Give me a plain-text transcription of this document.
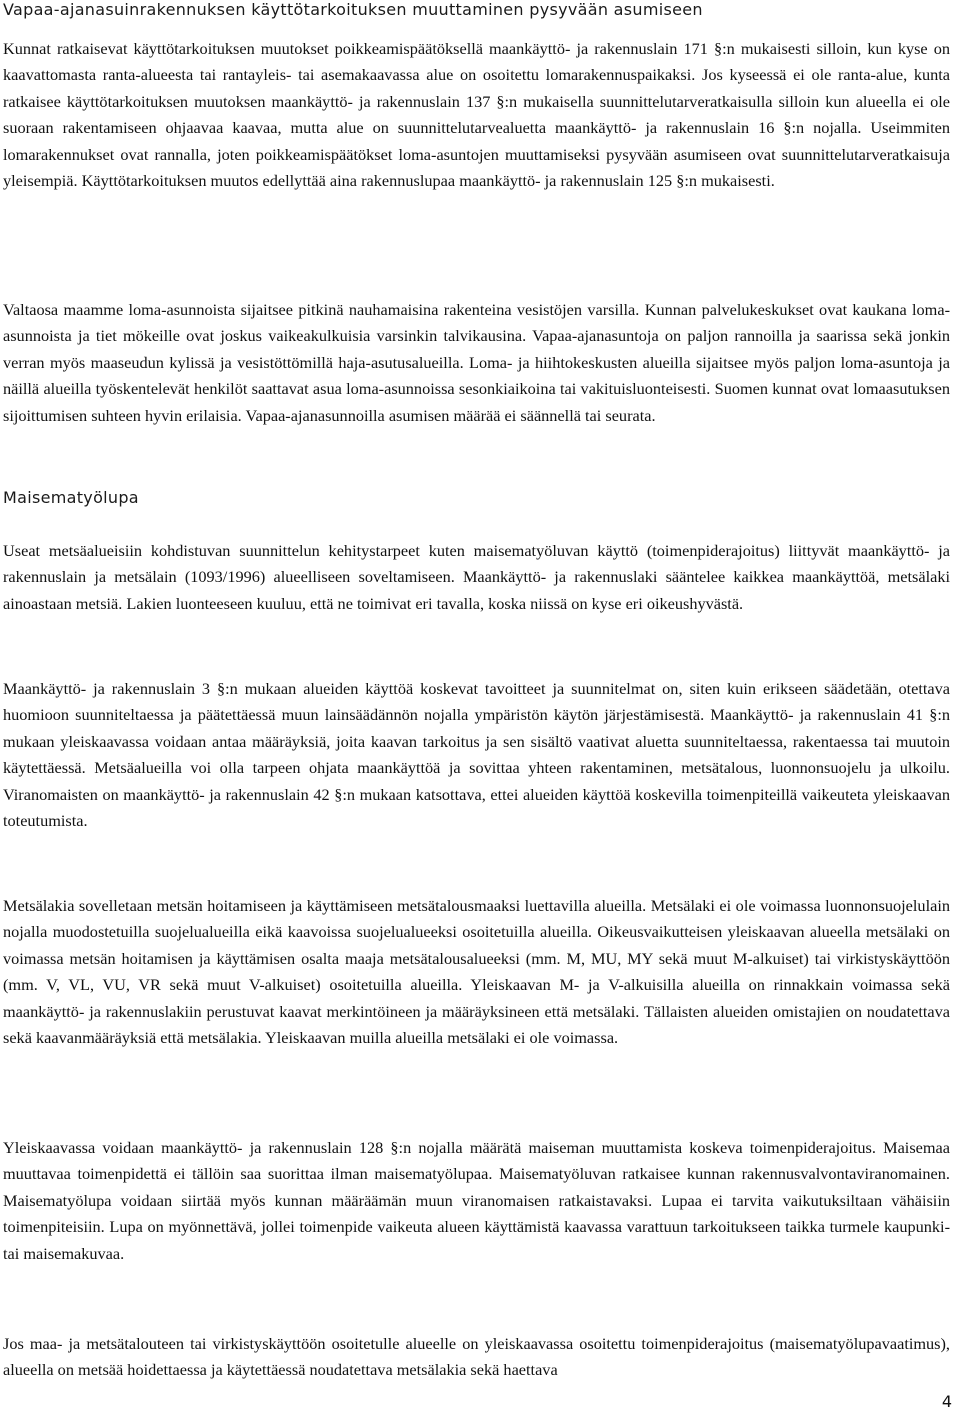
Vapaa-ajanasuinrakennuksen käyttötarkoituksen muuttaminen pysyvään asumiseen

Kunnat ratkaisevat käyttötarkoituksen muutokset poikkeamispäätöksellä maankäyttö- ja rakennuslain 171 §:n mukaisesti silloin, kun kyse on kaavattomasta ranta-alueesta tai rantayleis- tai asemakaavassa alue on osoitettu lomarakennuspaikaksi. Jos kyseessä ei ole ranta-alue, kunta ratkaisee käyttötarkoituksen muutoksen maankäyttö- ja rakennuslain 137 §:n mukaisella suunnittelutarveratkaisulla silloin kun alueella ei ole suoraan rakentamiseen ohjaavaa kaavaa, mutta alue on suunnittelutarvealuetta maankäyttö- ja rakennuslain 16 §:n nojalla. Useimmiten lomarakennukset ovat rannalla, joten poikkeamispäätökset loma-asuntojen muuttamiseksi pysyvään asumiseen ovat suunnittelutarveratkaisuja yleisempiä. Käyttötarkoituksen muutos edellyttää aina rakennuslupaa maankäyttö- ja rakennuslain 125 §:n mukaisesti.

Valtaosa maamme loma-asunnoista sijaitsee pitkinä nauhamaisina rakenteina vesistöjen varsilla. Kunnan palvelukeskukset ovat kaukana loma-asunnoista ja tiet mökeille ovat joskus vaikeakulkuisia varsinkin talvikausina. Vapaa-ajanasuntoja on paljon rannoilla ja saarissa sekä jonkin verran myös maaseudun kylissä ja vesistöttömillä haja-asutusalueilla. Loma- ja hiihtokeskusten alueilla sijaitsee myös paljon loma-asuntoja ja näillä alueilla työskentelevät henkilöt saattavat asua loma-asunnoissa sesonkiaikoina tai vakituisluonteisesti. Suomen kunnat ovat lomaasutuksen sijoittumisen suhteen hyvin erilaisia. Vapaa-ajanasunnoilla asumisen määrää ei säännellä tai seurata.

Maisematyölupa

Useat metsäalueisiin kohdistuvan suunnittelun kehitystarpeet kuten maisematyöluvan käyttö (toimenpiderajoitus) liittyvät maankäyttö- ja rakennuslain ja metsälain (1093/1996) alueelliseen soveltamiseen. Maankäyttö- ja rakennuslaki sääntelee kaikkea maankäyttöä, metsälaki ainoastaan metsiä. Lakien luonteeseen kuuluu, että ne toimivat eri tavalla, koska niissä on kyse eri oikeushyvästä.

Maankäyttö- ja rakennuslain 3 §:n mukaan alueiden käyttöä koskevat tavoitteet ja suunnitelmat on, siten kuin erikseen säädetään, otettava huomioon suunniteltaessa ja päätettäessä muun lainsäädännön nojalla ympäristön käytön järjestämisestä. Maankäyttö- ja rakennuslain 41 §:n mukaan yleiskaavassa voidaan antaa määräyksiä, joita kaavan tarkoitus ja sen sisältö vaativat aluetta suunniteltaessa, rakentaessa tai muutoin käytettäessä. Metsäalueilla voi olla tarpeen ohjata maankäyttöä ja sovittaa yhteen rakentaminen, metsätalous, luonnonsuojelu ja ulkoilu. Viranomaisten on maankäyttö- ja rakennuslain 42 §:n mukaan katsottava, ettei alueiden käyttöä koskevilla toimenpiteillä vaikeuteta yleiskaavan toteutumista.

Metsälakia sovelletaan metsän hoitamiseen ja käyttämiseen metsätalousmaaksi luettavilla alueilla. Metsälaki ei ole voimassa luonnonsuojelulain nojalla muodostetuilla suojelualueilla eikä kaavoissa suojelualueeksi osoitetuilla alueilla. Oikeusvaikutteisen yleiskaavan alueella metsälaki on voimassa metsän hoitamisen ja käyttämisen osalta maaja metsätalousalueeksi (mm. M, MU, MY sekä muut M-alkuiset) tai virkistyskäyttöön (mm. V, VL, VU, VR sekä muut V-alkuiset) osoitetuilla alueilla. Yleiskaavan M- ja V-alkuisilla alueilla on rinnakkain voimassa sekä maankäyttö- ja rakennuslakiin perustuvat kaavat merkintöineen ja määräyksineen että metsälaki. Tällaisten alueiden omistajien on noudatettava sekä kaavanmääräyksiä että metsälakia. Yleiskaavan muilla alueilla metsälaki ei ole voimassa.

Yleiskaavassa voidaan maankäyttö- ja rakennuslain 128 §:n nojalla määrätä maiseman muuttamista koskeva toimenpiderajoitus. Maisemaa muuttavaa toimenpidettä ei tällöin saa suorittaa ilman maisematyölupaa. Maisematyöluvan ratkaisee kunnan rakennusvalvontaviranomainen. Maisematyölupa voidaan siirtää myös kunnan määräämän muun viranomaisen ratkaistavaksi. Lupaa ei tarvita vaikutuksiltaan vähäisiin toimenpiteisiin. Lupa on myönnettävä, jollei toimenpide vaikeuta alueen käyttämistä kaavassa varattuun tarkoitukseen taikka turmele kaupunki- tai maisemakuvaa.

Jos maa- ja metsätalouteen tai virkistyskäyttöön osoitetulle alueelle on yleiskaavassa osoitettu toimenpiderajoitus (maisematyölupavaatimus), alueella on metsää hoidettaessa ja käytettäessä noudatettava metsälakia sekä haettava

4
